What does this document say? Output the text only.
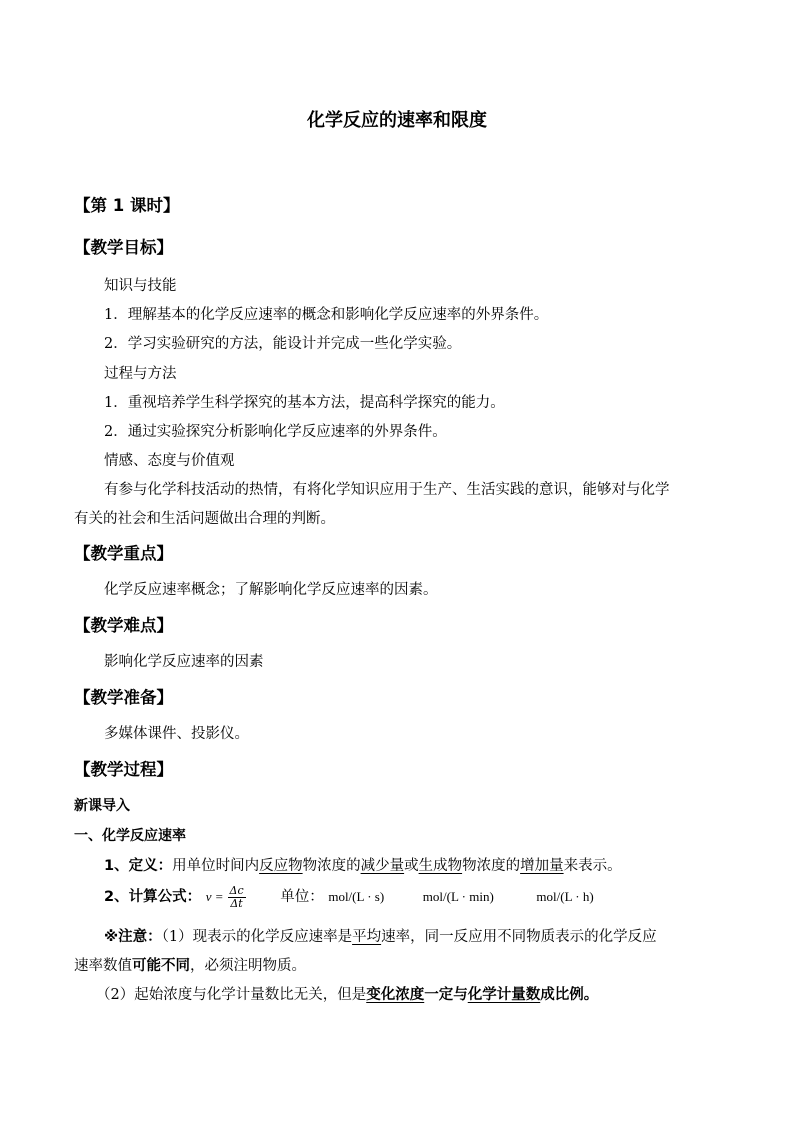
化学反应的速率和限度
【第 1 课时】
【教学目标】
知识与技能
1．理解基本的化学反应速率的概念和影响化学反应速率的外界条件。
2．学习实验研究的方法，能设计并完成一些化学实验。
过程与方法
1．重视培养学生科学探究的基本方法，提高科学探究的能力。
2．通过实验探究分析影响化学反应速率的外界条件。
情感、态度与价值观
有参与化学科技活动的热情，有将化学知识应用于生产、生活实践的意识，能够对与化学
有关的社会和生活问题做出合理的判断。
【教学重点】
化学反应速率概念；了解影响化学反应速率的因素。
【教学难点】
影响化学反应速率的因素
【教学准备】
多媒体课件、投影仪。
【教学过程】
新课导入
一、化学反应速率
1、定义：用单位时间内反应物物浓度的减少量或生成物物浓度的增加量来表示。
2、计算公式： $v = \frac{\Delta c}{\Delta t}$ 单位： mol/(L · s)	mol/(L · min)	mol/(L · h)
※注意：（1）现表示的化学反应速率是平均速率，同一反应用不同物质表示的化学反应
速率数值可能不同，必须注明物质。
（2）起始浓度与化学计量数比无关，但是变化浓度一定与化学计量数成比例。
